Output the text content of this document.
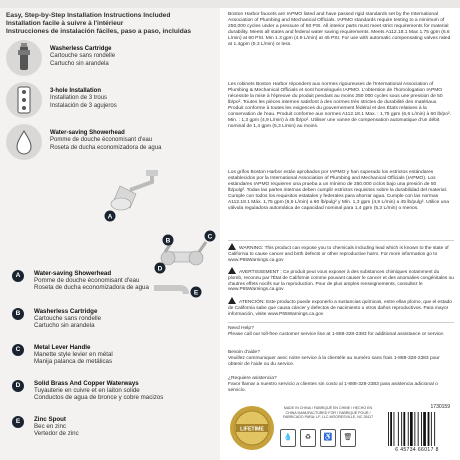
Easy, Step-by-Step Installation Instructions Included
Installation facile à suivre à l'intérieur
Instrucciones de instalación fáciles, paso a paso, incluidas
Washerless Cartridge
Cartouche sans rondelle
Cartucho sin arandela
3-hole Installation
Installation de 3 trous
Instalación de 3 agujeros
Water-saving Showerhead
Pomme de douche économisant d'eau
Roseta de ducha economizadora de agua
A
B
C
D
E
A	Water-saving Showerhead
Pomme de douche économisant d'eau
Roseta de ducha economizadora de agua
B	Washerless Cartridge
Cartouche sans rondelle
Cartucho sin arandela
C	Metal Lever Handle
Manette style levier en métal
Manija palanca de metálicas
D	Solid Brass And Copper Waterways
Tuyauterie en cuivre et en laiton solide
Conductos de agua de bronce y cobre macizos
E	Zinc Spout
Bec en zinc
Vertedor de zinc
Boston Harbor faucets are IAPMO listed and have passed rigid standards set by the International Association of Plumbing and Mechanical Officials. IAPMO standards require testing to a minimum of 250,000 cycles under a pressure of 50 PSI. All interior parts must meet strict requirements for material durability. Meets all states and federal water saving requirements. Meets A112.18.1 Max 1.75 gpm (6.6 L/min) at 60 PSI. Min 1.3 gpm (4.9 L/min) at 45 PSI. For use with automatic compensating valves rated at 1.4gpm (5.3 L/min) or less.
Les robinets Boston Harbor répondent aux normes rigoureuses de l'International Association of Plumbing & Mechanical Officials et sont homologués IAPMO. L'obtention de l'homologation IAPMO nécessite la mise à l'épreuve du produit pendant au moins 250 000 cycles sous une pression de 50 lb/po². Toutes les pièces internes satisfont à des normes très strictes de durabilité des matériaux. Produit conforme à toutes les exigences du gouvernement fédéral et des États relatives à la conservation de l'eau. Produit conforme aux normes A112.18.1 Max. : 1,75 gpm (6,6 L/min) à 60 lb/po². Min. : 1,3 gpm (4,9 L/min) à 45 lb/po². Utiliser une vanne de compensation automatique d'un débit nominal de 1,4 gpm (5,3 L/min) au moins.
Los grifos Boston Harbor están aprobados por IAPMO y han superado los estrictos estándares establecidos por la International Association of Plumbing and Mechanical Officials (IAPMO). Los estándares IAPMO requieren una prueba a un mínimo de 250.000 ciclos bajo una presión de 50 lb/pulg². Todas las partes internas deben cumplir estrictos requisitos sobre la durabilidad del material. Cumple con todos los requisitos estatales y federales para ahorrar agua. Cumple con las normas A112.18.1 Máx. 1,75 gpm (6,6 L/min) a 60 lb/pulg² y Mín. 1,3 gpm (4,9 L/min) a 45 lb/pulg². Utilice una válvula reguladora automática de capacidad nominal para 1,4 gpm (5,3 L/min) o menos.
WARNING: This product can expose you to chemicals including lead which is known to the state of California to cause cancer and birth defects or other reproductive harm. For more information go to www.P65Warnings.ca.gov
AVERTISSEMENT : Ce produit peut vous exposer à des substances chimiques notamment du plomb, reconnu par l'État de Californie comme pouvant causer le cancer et des anomalies congénitales ou d'autres effets nocifs sur la reproduction. Pour de plus amples renseignements, consultez le www.P65Warnings.ca.gov
ATENCIÓN: Este producto puede exponerlo a sustancias químicas, entre ellas plomo, que el estado de California sabe que causa cáncer y defectos de nacimiento u otros daños reproductivos. Para mayor información, visite www.P65Warnings.ca.gov
Need Help?
Please call our toll-free customer service line at 1-888-328-2383 for additional assistance or service.
Besoin d'aide?
Veuillez communiquer avec notre service à la clientèle au numéro sans frais 1-888-328-2383 pour obtenir de l'aide ou du service.
¿Requiere asistencia?
Favor llamar a nuestro servicio a clientes sin costo al 1-888-328-2383 para asistencia adicional o servicio.
LIFETIME
MADE IN CHINA / FABRIQUÉ EN CHINE / HECHO EN CHINA MANUFACTURED FOR / FABRIQUÉ POUR / FABRICADO PARA: LF, LLC MOORESVILLE, NC 28117
💧 ♻ ♿ 🗑
1730159
6 45734 66017 8
